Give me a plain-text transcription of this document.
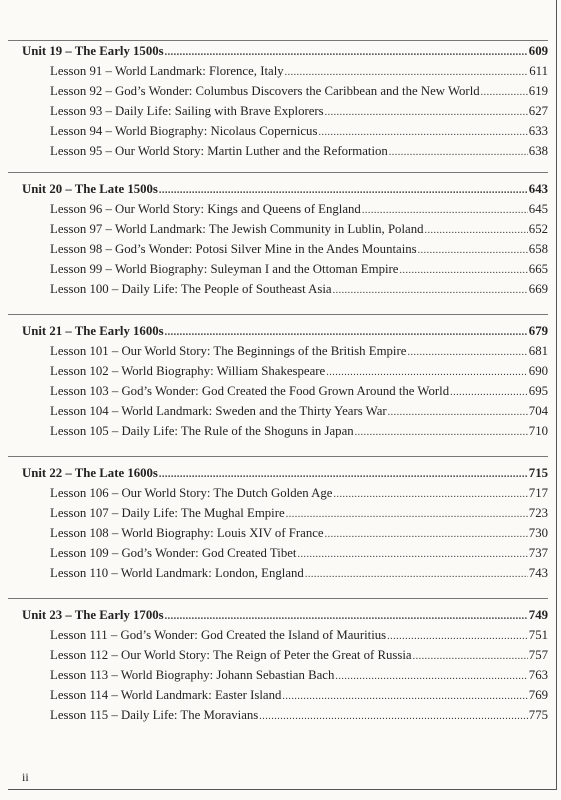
Unit 19 – The Early 1500s .....	609
Lesson 91 – World Landmark: Florence, Italy .....	611
Lesson 92 – God’s Wonder: Columbus Discovers the Caribbean and the New World .....	619
Lesson 93 – Daily Life: Sailing with Brave Explorers .....	627
Lesson 94 – World Biography: Nicolaus Copernicus .....	633
Lesson 95 – Our World Story: Martin Luther and the Reformation .....	638
Unit 20 – The Late 1500s .....	643
Lesson 96 – Our World Story: Kings and Queens of England .....	645
Lesson 97 – World Landmark: The Jewish Community in Lublin, Poland .....	652
Lesson 98 – God’s Wonder: Potosi Silver Mine in the Andes Mountains .....	658
Lesson 99 – World Biography: Suleyman I and the Ottoman Empire .....	665
Lesson 100 – Daily Life: The People of Southeast Asia .....	669
Unit 21 – The Early 1600s .....	679
Lesson 101 – Our World Story: The Beginnings of the British Empire .....	681
Lesson 102 – World Biography: William Shakespeare .....	690
Lesson 103 – God’s Wonder: God Created the Food Grown Around the World .....	695
Lesson 104 – World Landmark: Sweden and the Thirty Years War .....	704
Lesson 105 – Daily Life: The Rule of the Shoguns in Japan .....	710
Unit 22 – The Late 1600s .....	715
Lesson 106 – Our World Story: The Dutch Golden Age .....	717
Lesson 107 – Daily Life: The Mughal Empire .....	723
Lesson 108 – World Biography: Louis XIV of France .....	730
Lesson 109 – God’s Wonder: God Created Tibet .....	737
Lesson 110 – World Landmark: London, England .....	743
Unit 23 – The Early 1700s .....	749
Lesson 111 – God’s Wonder: God Created the Island of Mauritius .....	751
Lesson 112 – Our World Story: The Reign of Peter the Great of Russia .....	757
Lesson 113 – World Biography: Johann Sebastian Bach .....	763
Lesson 114 – World Landmark: Easter Island .....	769
Lesson 115 – Daily Life: The Moravians .....	775
ii
